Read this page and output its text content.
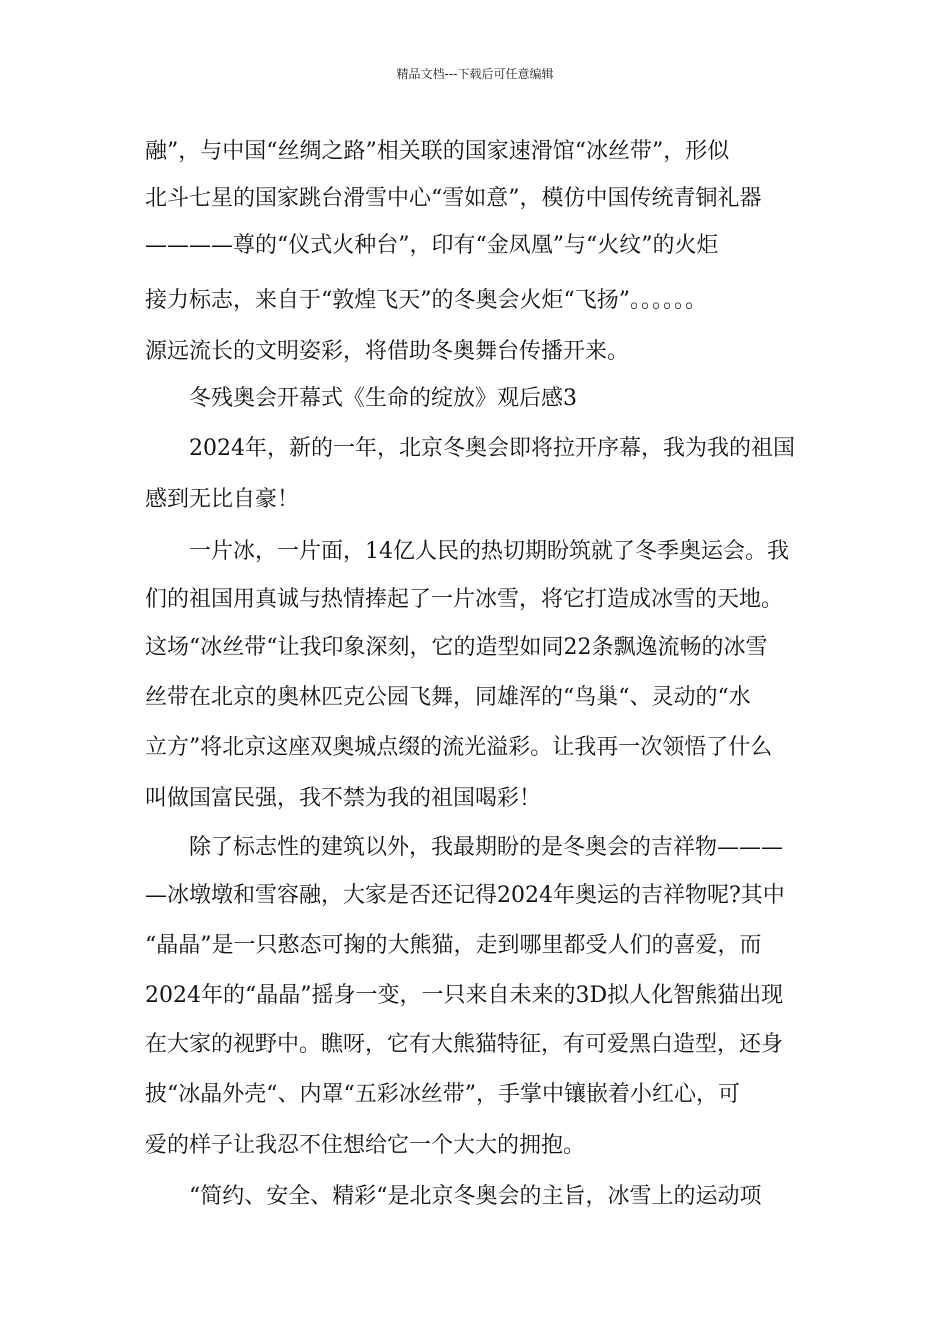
精品文档---下载后可任意编辑
融”，与中国“丝绸之路”相关联的国家速滑馆“冰丝带”，形似
北斗七星的国家跳台滑雪中心“雪如意”，模仿中国传统青铜礼器
————尊的“仪式火种台”，印有“金凤凰”与“火纹”的火炬
接力标志，来自于“敦煌飞天”的冬奥会火炬“飞扬”。。。。。。
源远流长的文明姿彩，将借助冬奥舞台传播开来。
冬残奥会开幕式《生命的绽放》观后感3
2024年，新的一年，北京冬奥会即将拉开序幕，我为我的祖国
感到无比自豪！
一片冰，一片面，14亿人民的热切期盼筑就了冬季奥运会。我
们的祖国用真诚与热情捧起了一片冰雪，将它打造成冰雪的天地。
这场“冰丝带“让我印象深刻，它的造型如同22条飘逸流畅的冰雪
丝带在北京的奥林匹克公园飞舞，同雄浑的“鸟巢“、灵动的“水
立方”将北京这座双奥城点缀的流光溢彩。让我再一次领悟了什么
叫做国富民强，我不禁为我的祖国喝彩！
除了标志性的建筑以外，我最期盼的是冬奥会的吉祥物———
—冰墩墩和雪容融，大家是否还记得2024年奥运的吉祥物呢?其中
“晶晶”是一只憨态可掬的大熊猫，走到哪里都受人们的喜爱，而
2024年的“晶晶”摇身一变，一只来自未来的3D拟人化智熊猫出现
在大家的视野中。瞧呀，它有大熊猫特征，有可爱黑白造型，还身
披“冰晶外壳“、内罩“五彩冰丝带”，手掌中镶嵌着小红心，可
爱的样子让我忍不住想给它一个大大的拥抱。
“简约、安全、精彩“是北京冬奥会的主旨，冰雪上的运动项
